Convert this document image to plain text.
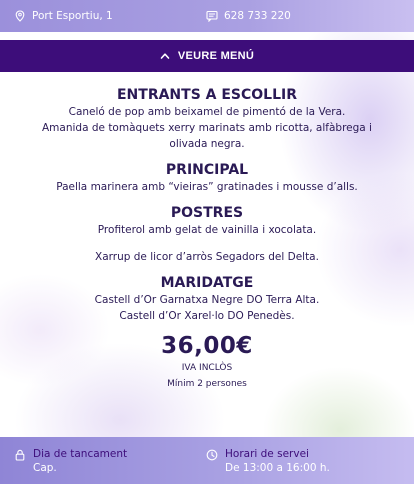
Port Esportiu, 1	628 733 220
VEURE MENÚ
ENTRANTS A ESCOLLIR

Caneló de pop amb beixamel de pimentó de la Vera.

Amanida de tomàquets xerry marinats amb ricotta, alfàbrega i olivada negra.

PRINCIPAL

Paella marinera amb “vieiras” gratinades i mousse d’alls.

POSTRES

Profiterol amb gelat de vainilla i xocolata.

Xarrup de licor d’arròs Segadors del Delta.

MARIDATGE

Castell d’Or Garnatxa Negre DO Terra Alta.

Castell d’Or Xarel·lo DO Penedès.

36,00€
IVA INCLÒS
Mínim 2 persones
Dia de tancament
Cap.
Horari de servei
De 13:00 a 16:00 h.
